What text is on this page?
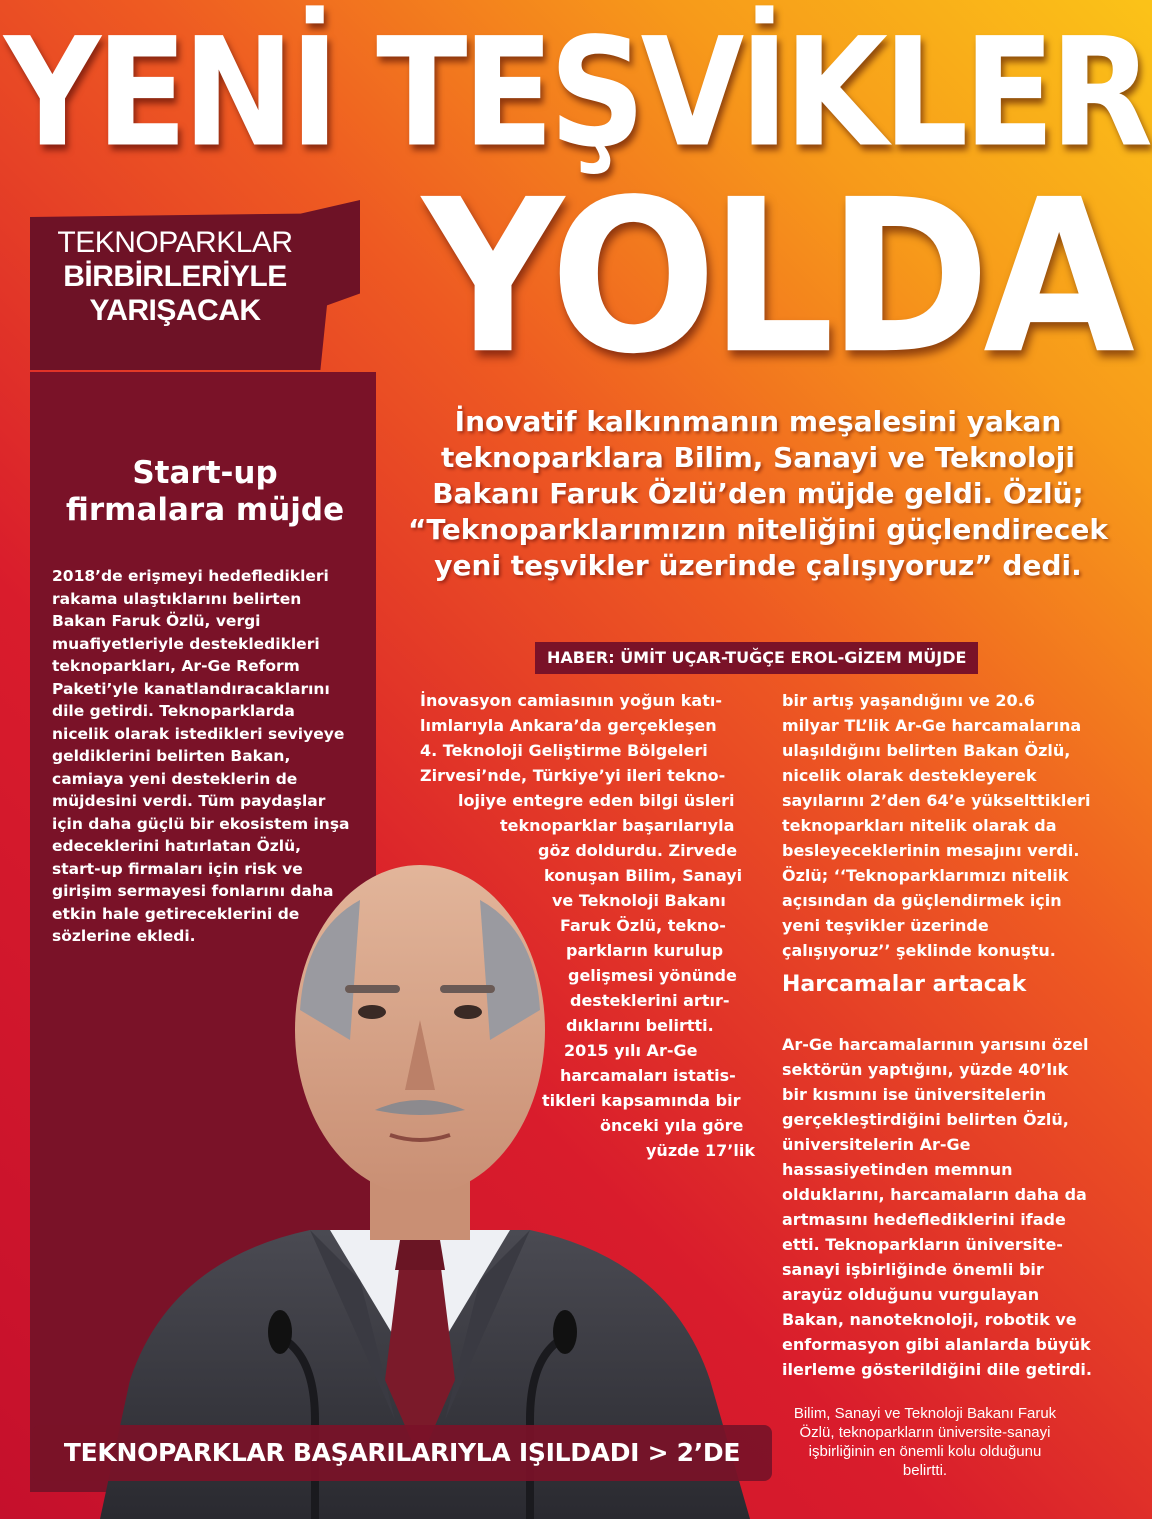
YENİ TEŞVİKLER
YOLDA
TEKNOPARKLAR
BİRBİRLERİYLE
YARIŞACAK
Start-up
firmalara müjde
2018’de erişmeyi hedefledikleri rakama ulaştıklarını belirten Bakan Faruk Özlü, vergi muafiyetleriyle destekledikleri teknoparkları, Ar-Ge Reform Paketi’yle kanatlandıracaklarını dile getirdi. Teknoparklarda nicelik olarak istedikleri seviyeye geldiklerini belirten Bakan, camiaya yeni desteklerin de müjdesini verdi. Tüm paydaşlar için daha güçlü bir ekosistem inşa edeceklerini hatırlatan Özlü, start-up firmaları için risk ve girişim sermayesi fonlarını daha etkin hale getireceklerini de sözlerine ekledi.
İnovatif kalkınmanın meşalesini yakan teknoparklara Bilim, Sanayi ve Teknoloji Bakanı Faruk Özlü’den müjde geldi. Özlü; “Teknoparklarımızın niteliğini güçlendirecek yeni teşvikler üzerinde çalışıyoruz” dedi.
HABER: ÜMİT UÇAR-TUĞÇE EROL-GİZEM MÜJDE
İnovasyon camiasının yoğun katı-
lımlarıyla Ankara’da gerçekleşen
4. Teknoloji Geliştirme Bölgeleri
Zirvesi’nde, Türkiye’yi ileri tekno-
lojiye entegre eden bilgi üsleri
teknoparklar başarılarıyla
göz doldurdu. Zirvede
konuşan Bilim, Sanayi
ve Teknoloji Bakanı
Faruk Özlü, tekno-
parkların kurulup
gelişmesi yönünde
desteklerini artır-
dıklarını belirtti.
2015 yılı Ar-Ge
harcamaları istatis-
tikleri kapsamında bir
önceki yıla göre
yüzde 17’lik
bir artış yaşandığını ve 20.6 milyar TL’lik Ar-Ge harcamalarına ulaşıldığını belirten Bakan Özlü, nicelik olarak destekleyerek sayılarını 2’den 64’e yükselttikleri teknoparkları nitelik olarak da besleyeceklerinin mesajını verdi. Özlü; ‘‘Teknoparklarımızı nitelik açısından da güçlendirmek için yeni teşvikler üzerinde çalışıyoruz’’ şeklinde konuştu.
Harcamalar artacak
Ar-Ge harcamalarının yarısını özel sektörün yaptığını, yüzde 40’lık bir kısmını ise üniversitelerin gerçekleştirdiğini belirten Özlü, üniversitelerin Ar-Ge hassasiyetinden memnun olduklarını, harcamaların daha da artmasını hedeflediklerini ifade etti. Teknoparkların üniversite-sanayi işbirliğinde önemli bir arayüz olduğunu vurgulayan Bakan, nanoteknoloji, robotik ve enformasyon gibi alanlarda büyük ilerleme gösterildiğini dile getirdi.
Bilim, Sanayi ve Teknoloji Bakanı Faruk Özlü, teknoparkların üniversite-sanayi işbirliğinin en önemli kolu olduğunu belirtti.
TEKNOPARKLAR BAŞARILARIYLA IŞILDADI > 2’DE
